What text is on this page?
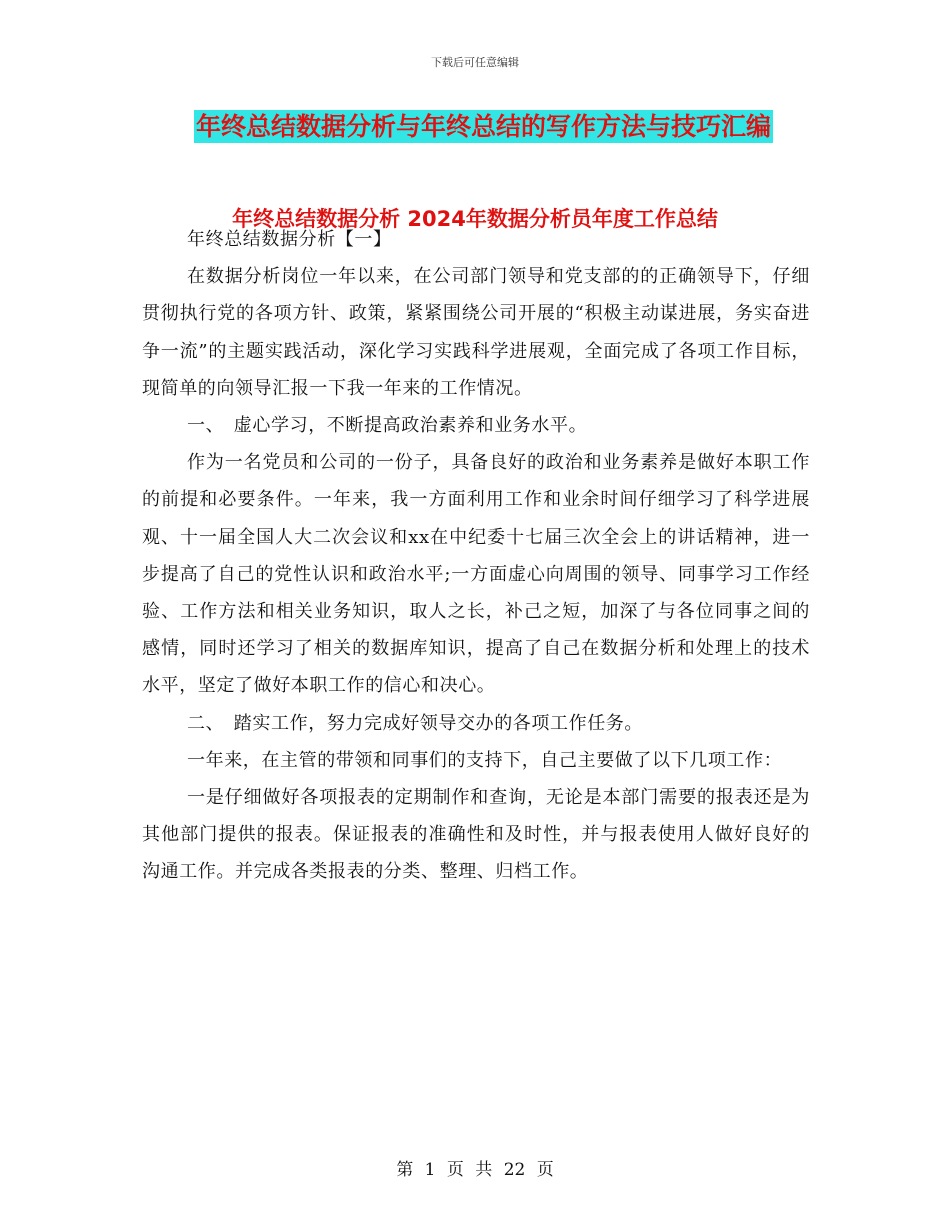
下载后可任意编辑
年终总结数据分析与年终总结的写作方法与技巧汇编
年终总结数据分析 2024年数据分析员年度工作总结

年终总结数据分析【一】

在数据分析岗位一年以来，在公司部门领导和党支部的的正确领导下，仔细贯彻执行党的各项方针、政策，紧紧围绕公司开展的“积极主动谋进展，务实奋进争一流”的主题实践活动，深化学习实践科学进展观，全面完成了各项工作目标，现简单的向领导汇报一下我一年来的工作情况。

一、　虚心学习，不断提高政治素养和业务水平。

作为一名党员和公司的一份子，具备良好的政治和业务素养是做好本职工作的前提和必要条件。一年来，我一方面利用工作和业余时间仔细学习了科学进展观、十一届全国人大二次会议和xx在中纪委十七届三次全会上的讲话精神，进一步提高了自己的党性认识和政治水平;一方面虚心向周围的领导、同事学习工作经验、工作方法和相关业务知识，取人之长，补己之短，加深了与各位同事之间的感情，同时还学习了相关的数据库知识，提高了自己在数据分析和处理上的技术水平，坚定了做好本职工作的信心和决心。

二、　踏实工作，努力完成好领导交办的各项工作任务。

一年来，在主管的带领和同事们的支持下，自己主要做了以下几项工作：

一是仔细做好各项报表的定期制作和查询，无论是本部门需要的报表还是为其他部门提供的报表。保证报表的准确性和及时性，并与报表使用人做好良好的沟通工作。并完成各类报表的分类、整理、归档工作。

第 1 页 共 22 页
